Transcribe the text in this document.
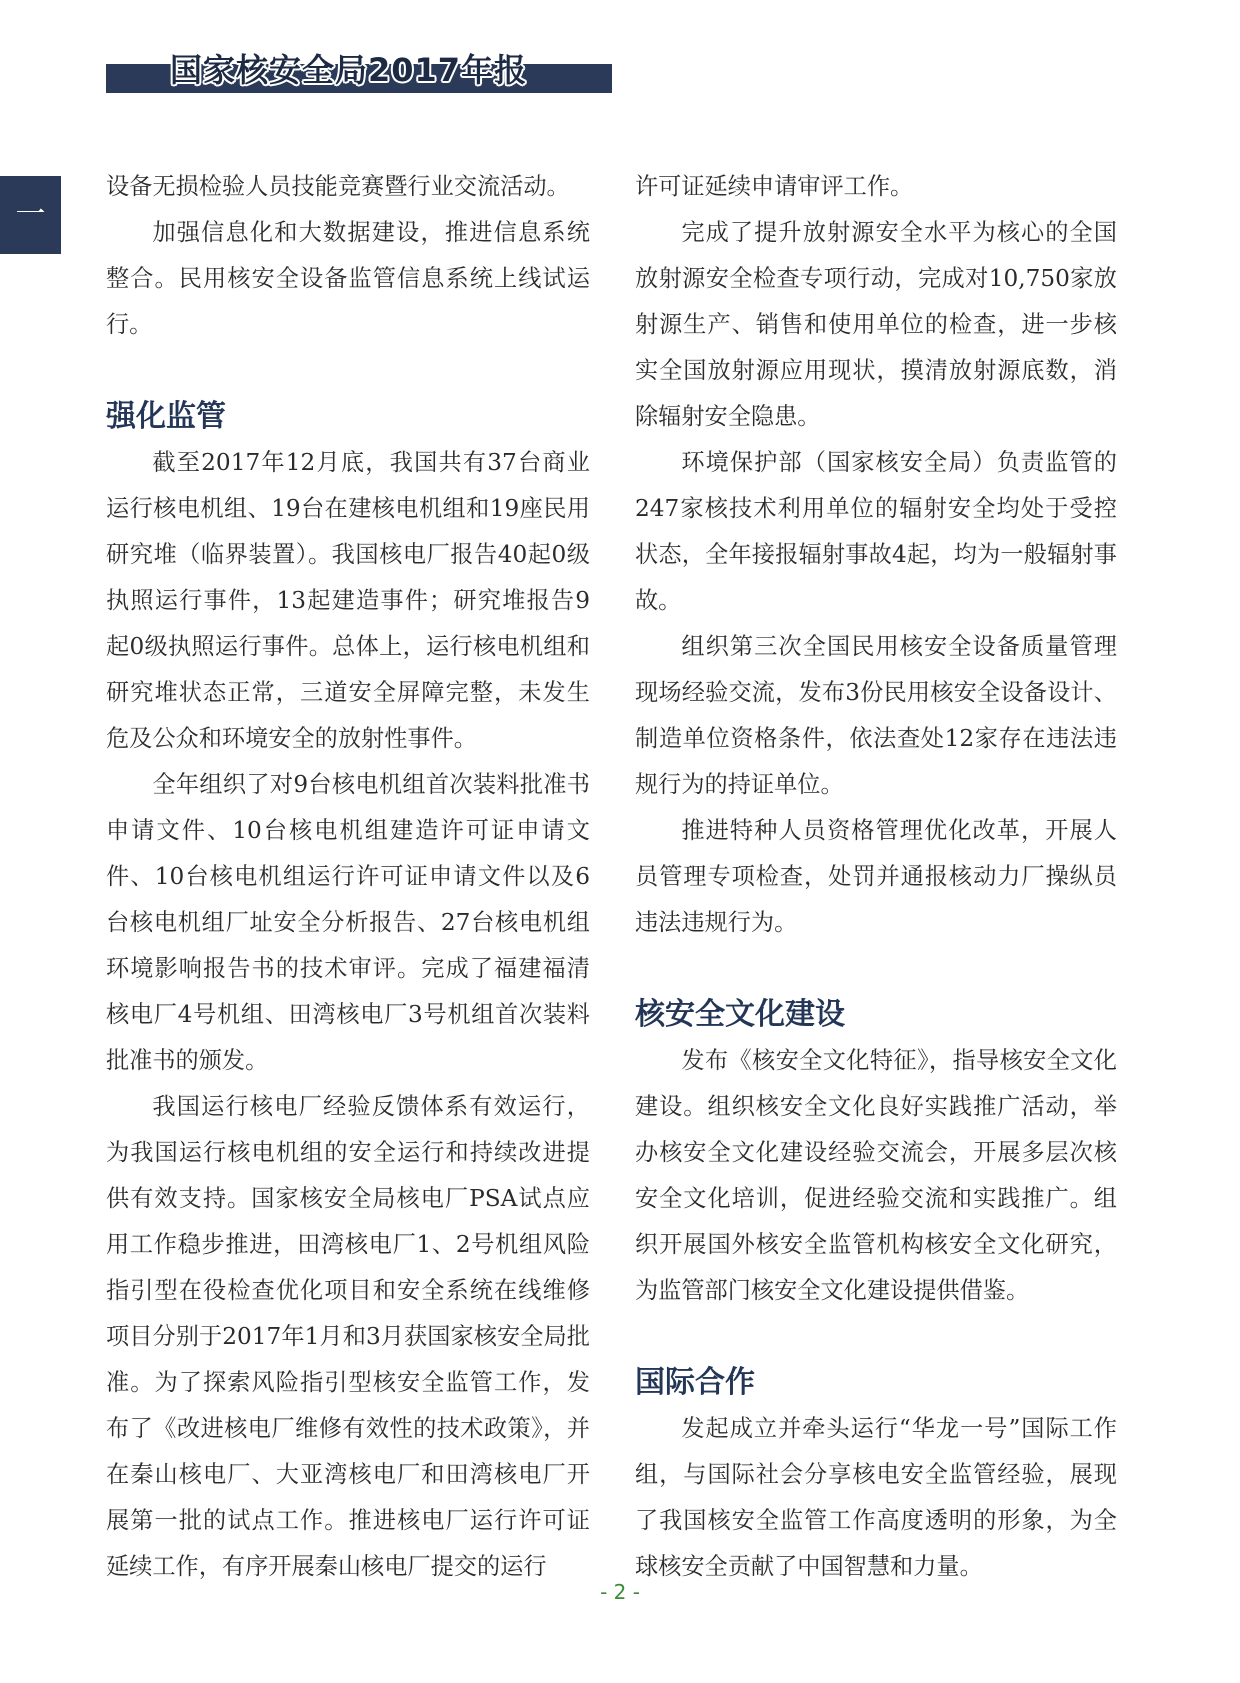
国家核安全局2017年报
一

设备无损检验人员技能竞赛暨行业交流活动。

加强信息化和大数据建设，推进信息系统整合。民用核安全设备监管信息系统上线试运行。

强化监管

截至2017年12月底，我国共有37台商业运行核电机组、19台在建核电机组和19座民用研究堆（临界装置）。我国核电厂报告40起0级执照运行事件，13起建造事件；研究堆报告9起0级执照运行事件。总体上，运行核电机组和研究堆状态正常，三道安全屏障完整，未发生危及公众和环境安全的放射性事件。

全年组织了对9台核电机组首次装料批准书申请文件、10台核电机组建造许可证申请文件、10台核电机组运行许可证申请文件以及6台核电机组厂址安全分析报告、27台核电机组环境影响报告书的技术审评。完成了福建福清核电厂4号机组、田湾核电厂3号机组首次装料批准书的颁发。

我国运行核电厂经验反馈体系有效运行，为我国运行核电机组的安全运行和持续改进提供有效支持。国家核安全局核电厂PSA试点应用工作稳步推进，田湾核电厂1、2号机组风险指引型在役检查优化项目和安全系统在线维修项目分别于2017年1月和3月获国家核安全局批准。为了探索风险指引型核安全监管工作，发布了《改进核电厂维修有效性的技术政策》，并在秦山核电厂、大亚湾核电厂和田湾核电厂开展第一批的试点工作。推进核电厂运行许可证延续工作，有序开展秦山核电厂提交的运行

许可证延续申请审评工作。

完成了提升放射源安全水平为核心的全国放射源安全检查专项行动，完成对10,750家放射源生产、销售和使用单位的检查，进一步核实全国放射源应用现状，摸清放射源底数，消除辐射安全隐患。

环境保护部（国家核安全局）负责监管的247家核技术利用单位的辐射安全均处于受控状态，全年接报辐射事故4起，均为一般辐射事故。

组织第三次全国民用核安全设备质量管理现场经验交流，发布3份民用核安全设备设计、制造单位资格条件，依法查处12家存在违法违规行为的持证单位。

推进特种人员资格管理优化改革，开展人员管理专项检查，处罚并通报核动力厂操纵员违法违规行为。

核安全文化建设

发布《核安全文化特征》，指导核安全文化建设。组织核安全文化良好实践推广活动，举办核安全文化建设经验交流会，开展多层次核安全文化培训，促进经验交流和实践推广。组织开展国外核安全监管机构核安全文化研究，为监管部门核安全文化建设提供借鉴。

国际合作

发起成立并牵头运行“华龙一号”国际工作组，与国际社会分享核电安全监管经验，展现了我国核安全监管工作高度透明的形象，为全球核安全贡献了中国智慧和力量。

- 2 -
